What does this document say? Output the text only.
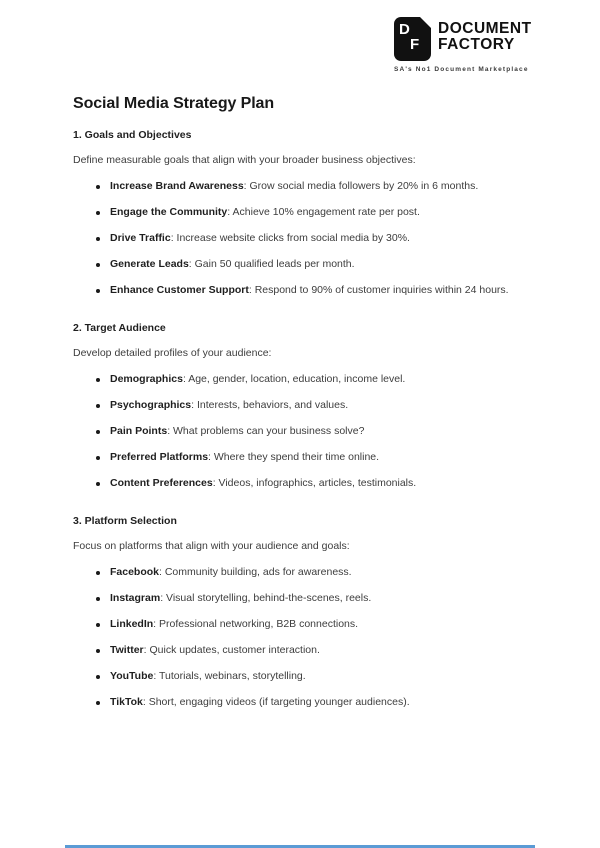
D
F
DOCUMENT
FACTORY
SA's No1 Document Marketplace
Social Media Strategy Plan
1. Goals and Objectives

Define measurable goals that align with your broader business objectives:

Increase Brand Awareness: Grow social media followers by 20% in 6 months.
Engage the Community: Achieve 10% engagement rate per post.
Drive Traffic: Increase website clicks from social media by 30%.
Generate Leads: Gain 50 qualified leads per month.
Enhance Customer Support: Respond to 90% of customer inquiries within 24 hours.
2. Target Audience

Develop detailed profiles of your audience:

Demographics: Age, gender, location, education, income level.
Psychographics: Interests, behaviors, and values.
Pain Points: What problems can your business solve?
Preferred Platforms: Where they spend their time online.
Content Preferences: Videos, infographics, articles, testimonials.
3. Platform Selection

Focus on platforms that align with your audience and goals:

Facebook: Community building, ads for awareness.
Instagram: Visual storytelling, behind-the-scenes, reels.
LinkedIn: Professional networking, B2B connections.
Twitter: Quick updates, customer interaction.
YouTube: Tutorials, webinars, storytelling.
TikTok: Short, engaging videos (if targeting younger audiences).
